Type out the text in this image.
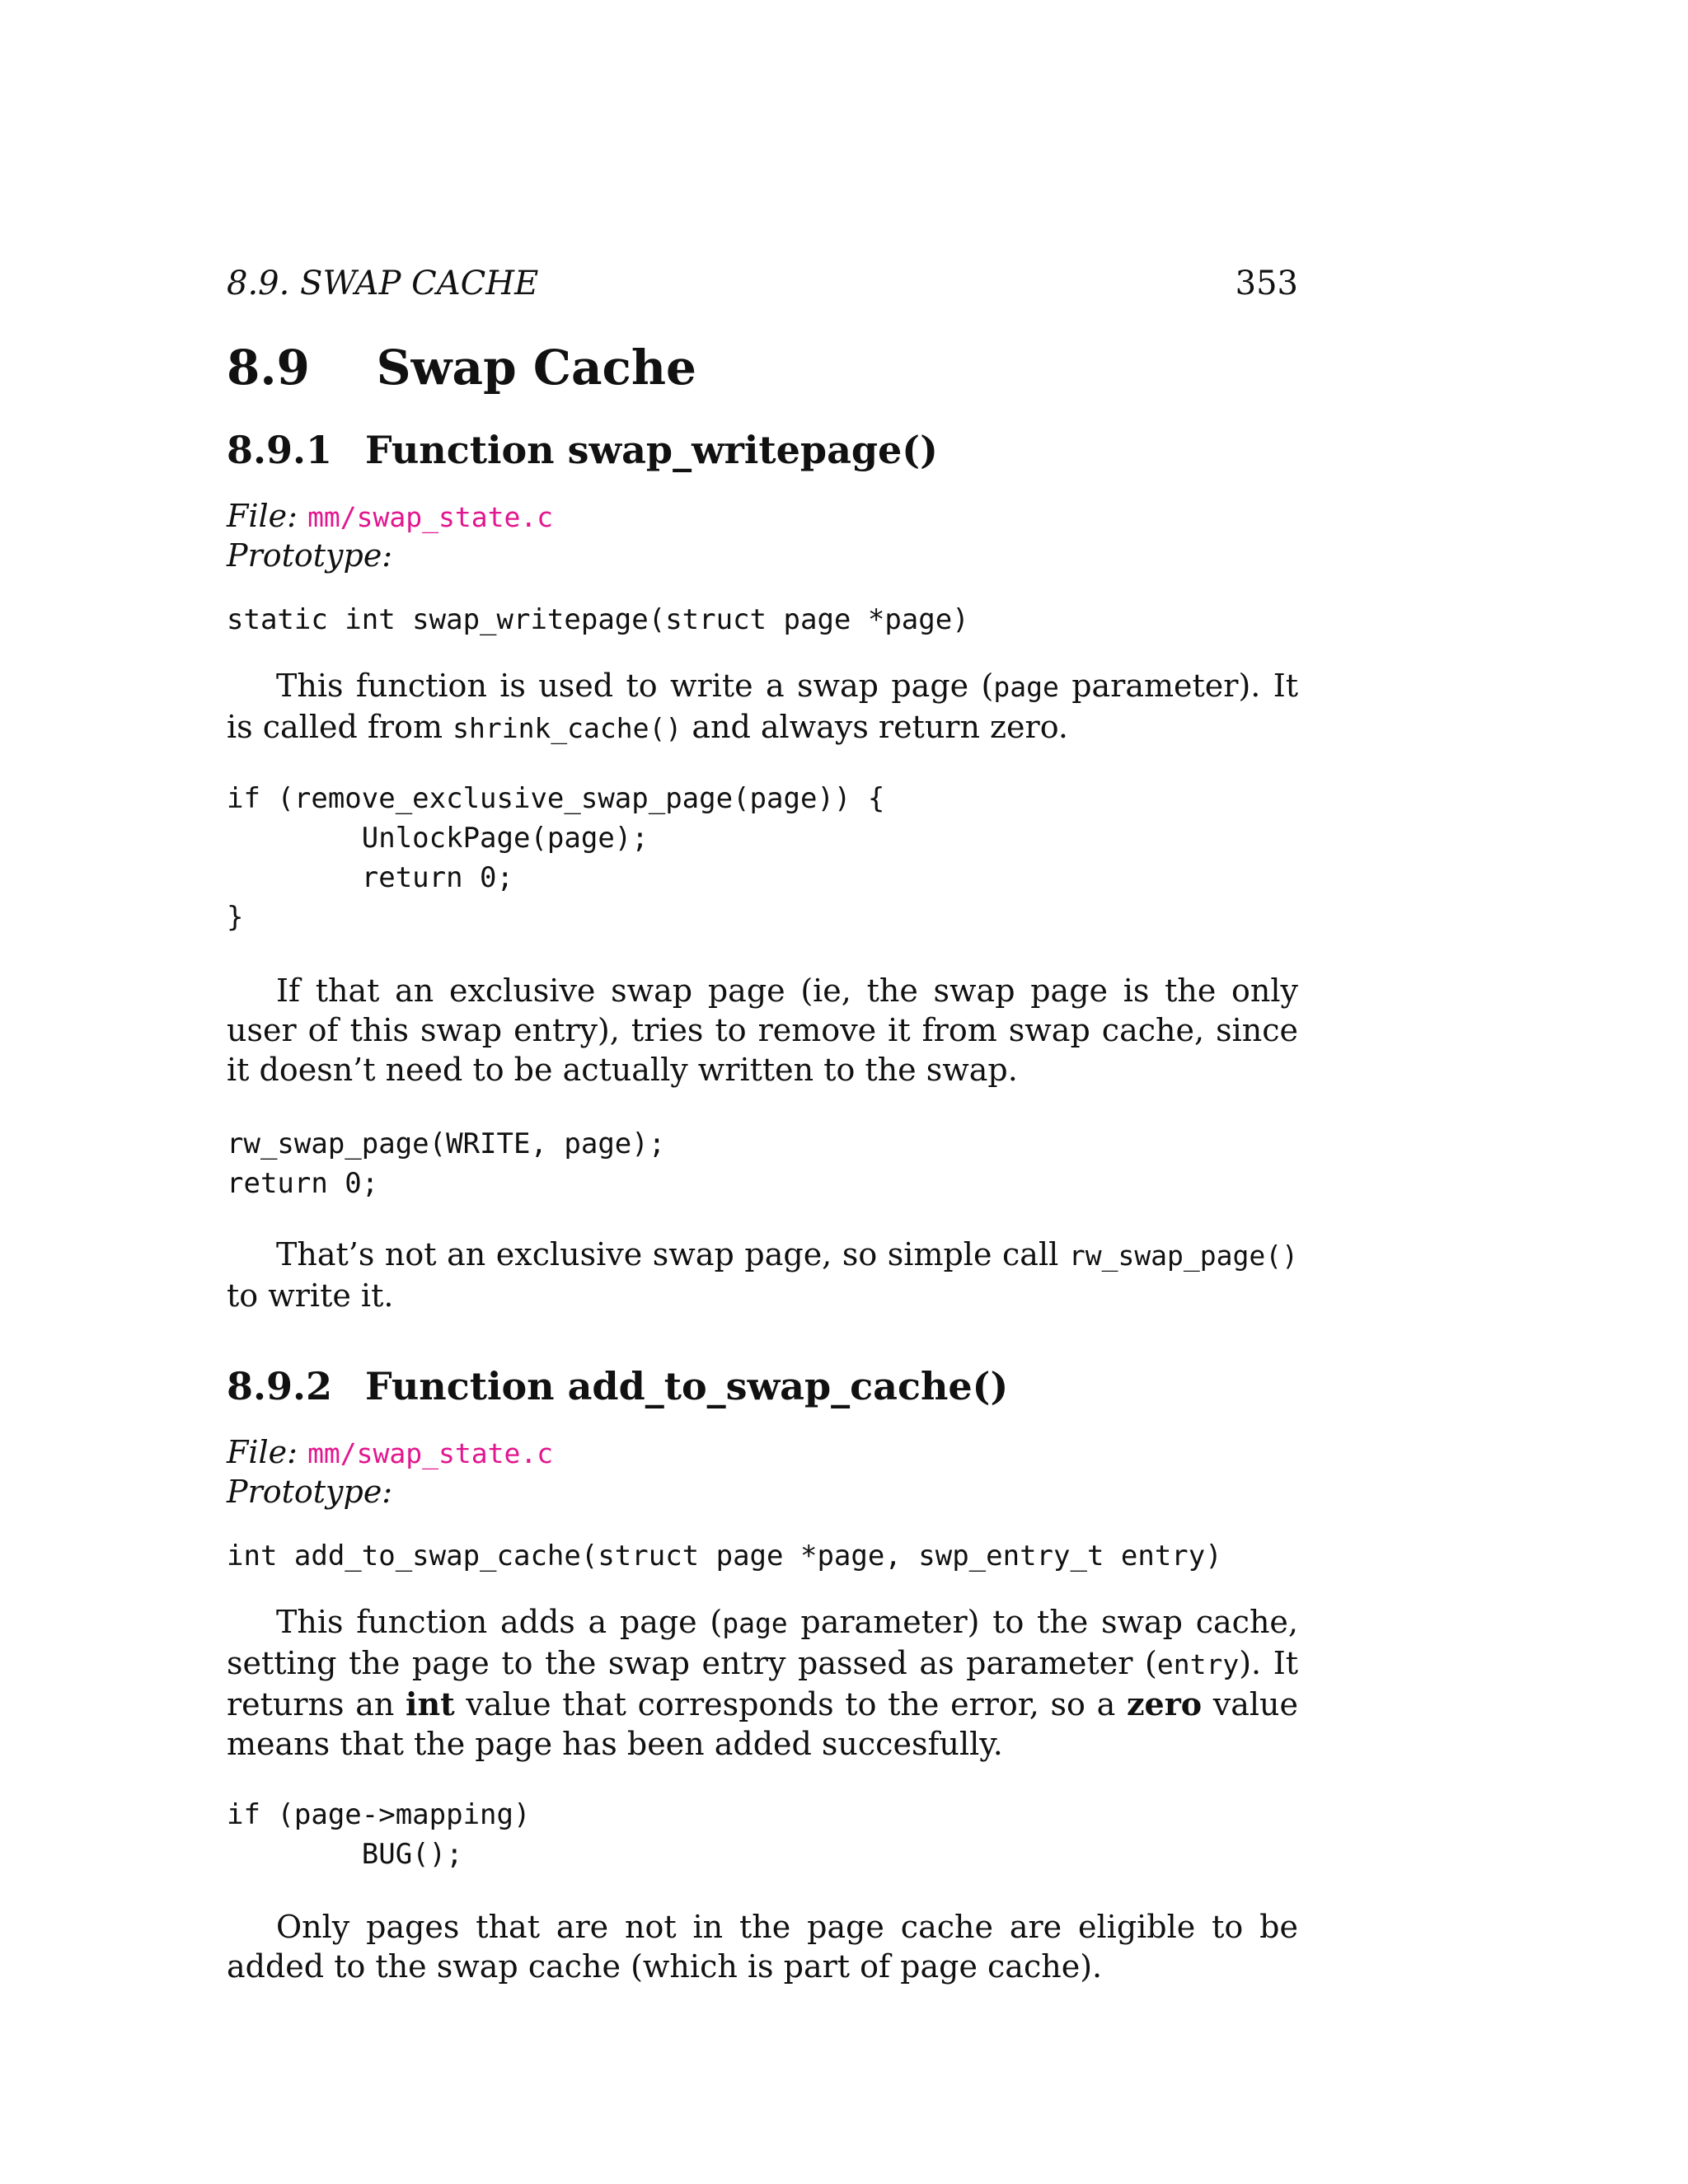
8.9. SWAP CACHE	353
8.9    Swap Cache
8.9.1 Function swap_writepage()
File: mm/swap_state.c
Prototype:
static int swap_writepage(struct page *page)

This function is used to write a swap page (page parameter). It is called from shrink_cache() and always return zero.

if (remove_exclusive_swap_page(page)) {
UnlockPage(page);
return 0;
}

If that an exclusive swap page (ie, the swap page is the only user of this swap entry), tries to remove it from swap cache, since it doesn’t need to be actually written to the swap.

rw_swap_page(WRITE, page);
return 0;

That’s not an exclusive swap page, so simple call rw_swap_page() to write it.

8.9.2 Function add_to_swap_cache()
File: mm/swap_state.c
Prototype:
int add_to_swap_cache(struct page *page, swp_entry_t entry)

This function adds a page (page parameter) to the swap cache, setting the page to the swap entry passed as parameter (entry). It returns an int value that corresponds to the error, so a zero value means that the page has been added succesfully.

if (page->mapping)
BUG();

Only pages that are not in the page cache are eligible to be added to the swap cache (which is part of page cache).
